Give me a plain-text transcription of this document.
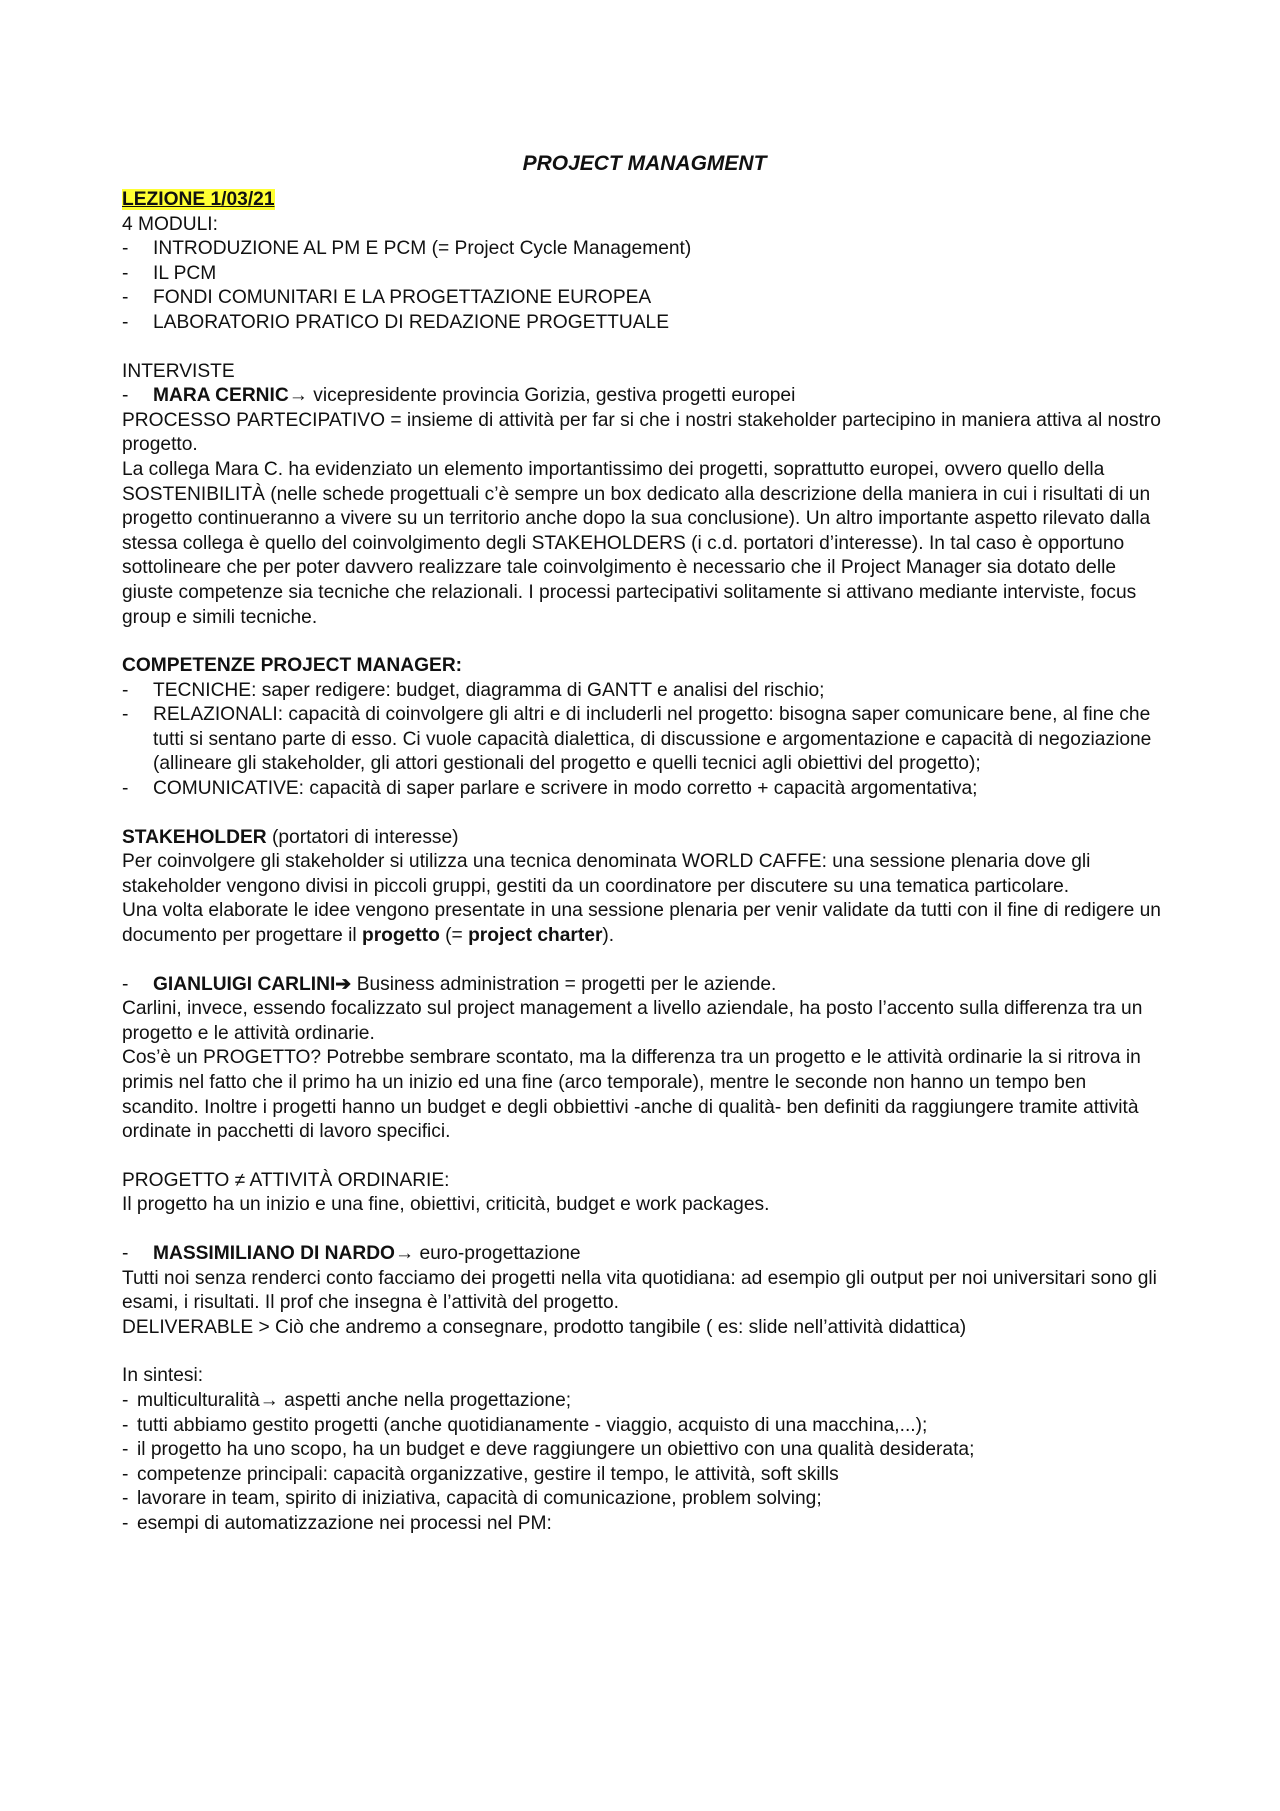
PROJECT MANAGMENT

LEZIONE 1/03/21

4 MODULI:

- INTRODUZIONE AL PM E PCM (= Project Cycle Management)

- IL PCM

- FONDI COMUNITARI E LA PROGETTAZIONE EUROPEA

- LABORATORIO PRATICO DI REDAZIONE PROGETTUALE

INTERVISTE

- MARA CERNIC→ vicepresidente provincia Gorizia, gestiva progetti europei

PROCESSO PARTECIPATIVO = insieme di attività per far si che i nostri stakeholder partecipino in maniera attiva al nostro progetto.

La collega Mara C. ha evidenziato un elemento importantissimo dei progetti, soprattutto europei, ovvero quello della SOSTENIBILITÀ (nelle schede progettuali c’è sempre un box dedicato alla descrizione della maniera in cui i risultati di un progetto continueranno a vivere su un territorio anche dopo la sua conclusione). Un altro importante aspetto rilevato dalla stessa collega è quello del coinvolgimento degli STAKEHOLDERS (i c.d. portatori d’interesse). In tal caso è opportuno sottolineare che per poter davvero realizzare tale coinvolgimento è necessario che il Project Manager sia dotato delle giuste competenze sia tecniche che relazionali. I processi partecipativi solitamente si attivano mediante interviste, focus group e simili tecniche.

COMPETENZE PROJECT MANAGER:

- TECNICHE: saper redigere: budget, diagramma di GANTT e analisi del rischio;

- RELAZIONALI: capacità di coinvolgere gli altri e di includerli nel progetto: bisogna saper comunicare bene, al fine che tutti si sentano parte di esso. Ci vuole capacità dialettica, di discussione e argomentazione e capacità di negoziazione (allineare gli stakeholder, gli attori gestionali del progetto e quelli tecnici agli obiettivi del progetto);

- COMUNICATIVE: capacità di saper parlare e scrivere in modo corretto + capacità argomentativa;

STAKEHOLDER (portatori di interesse)

Per coinvolgere gli stakeholder si utilizza una tecnica denominata WORLD CAFFE: una sessione plenaria dove gli stakeholder vengono divisi in piccoli gruppi, gestiti da un coordinatore per discutere su una tematica particolare.

Una volta elaborate le idee vengono presentate in una sessione plenaria per venir validate da tutti con il fine di redigere un documento per progettare il progetto (= project charter).

- GIANLUIGI CARLINI➔ Business administration = progetti per le aziende.

Carlini, invece, essendo focalizzato sul project management a livello aziendale, ha posto l’accento sulla differenza tra un progetto e le attività ordinarie.

Cos’è un PROGETTO? Potrebbe sembrare scontato, ma la differenza tra un progetto e le attività ordinarie la si ritrova in primis nel fatto che il primo ha un inizio ed una fine (arco temporale), mentre le seconde non hanno un tempo ben scandito. Inoltre i progetti hanno un budget e degli obbiettivi -anche di qualità- ben definiti da raggiungere tramite attività ordinate in pacchetti di lavoro specifici.

PROGETTO ≠ ATTIVITÀ ORDINARIE:

Il progetto ha un inizio e una fine, obiettivi, criticità, budget e work packages.

- MASSIMILIANO DI NARDO→ euro-progettazione

Tutti noi senza renderci conto facciamo dei progetti nella vita quotidiana: ad esempio gli output per noi universitari sono gli esami, i risultati. Il prof che insegna è l’attività del progetto.

DELIVERABLE > Ciò che andremo a consegnare, prodotto tangibile ( es: slide nell’attività didattica)

In sintesi:

- multiculturalità→ aspetti anche nella progettazione;

- tutti abbiamo gestito progetti (anche quotidianamente - viaggio, acquisto di una macchina,...);

- il progetto ha uno scopo, ha un budget e deve raggiungere un obiettivo con una qualità desiderata;

- competenze principali: capacità organizzative, gestire il tempo, le attività, soft skills

- lavorare in team, spirito di iniziativa, capacità di comunicazione, problem solving;

- esempi di automatizzazione nei processi nel PM:
